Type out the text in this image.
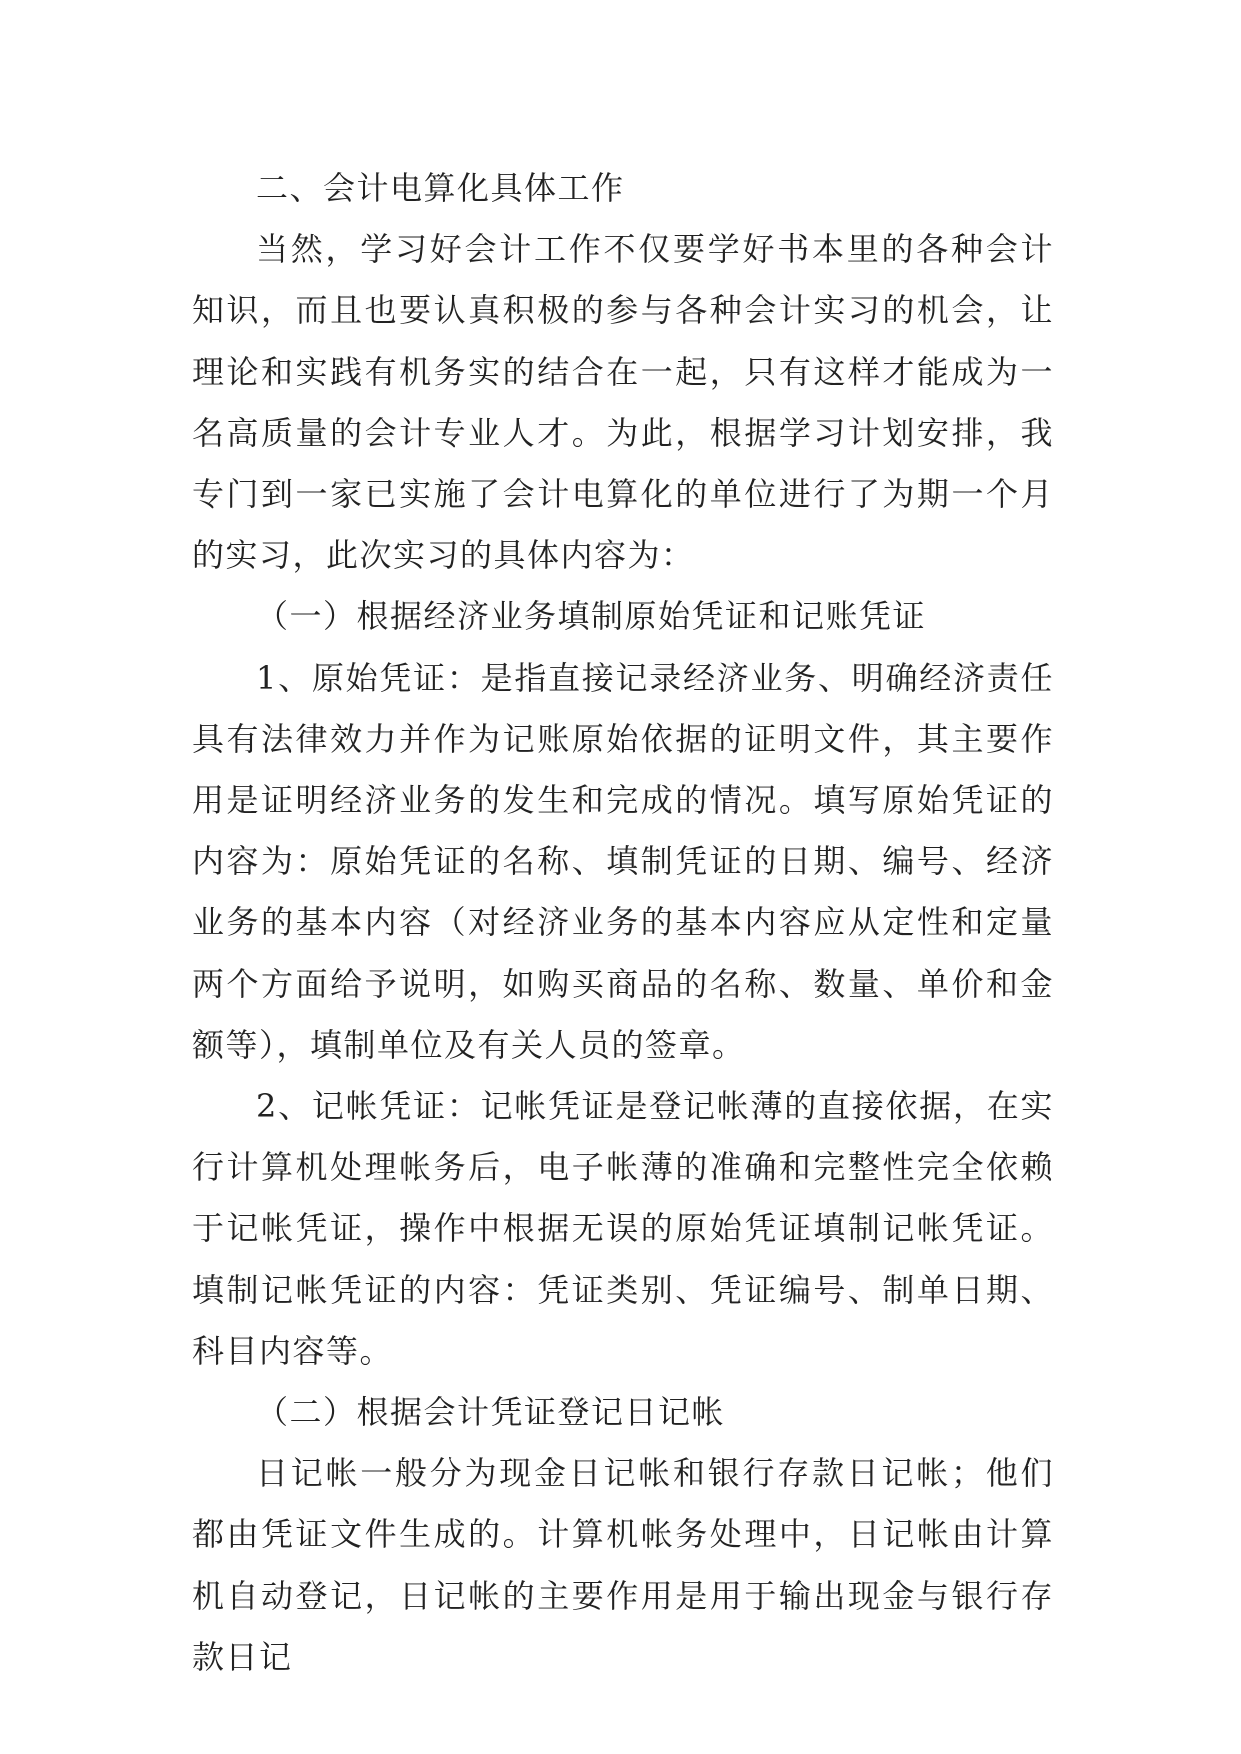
二、会计电算化具体工作

当然，学习好会计工作不仅要学好书本里的各种会计知识，而且也要认真积极的参与各种会计实习的机会，让理论和实践有机务实的结合在一起，只有这样才能成为一名高质量的会计专业人才。为此，根据学习计划安排，我专门到一家已实施了会计电算化的单位进行了为期一个月的实习，此次实习的具体内容为：

（一）根据经济业务填制原始凭证和记账凭证

1、原始凭证：是指直接记录经济业务、明确经济责任具有法律效力并作为记账原始依据的证明文件，其主要作用是证明经济业务的发生和完成的情况。填写原始凭证的内容为：原始凭证的名称、填制凭证的日期、编号、经济业务的基本内容（对经济业务的基本内容应从定性和定量两个方面给予说明，如购买商品的名称、数量、单价和金额等），填制单位及有关人员的签章。

2、记帐凭证：记帐凭证是登记帐薄的直接依据，在实行计算机处理帐务后，电子帐薄的准确和完整性完全依赖于记帐凭证，操作中根据无误的原始凭证填制记帐凭证。填制记帐凭证的内容：凭证类别、凭证编号、制单日期、科目内容等。

（二）根据会计凭证登记日记帐

日记帐一般分为现金日记帐和银行存款日记帐；他们都由凭证文件生成的。计算机帐务处理中，日记帐由计算机自动登记，日记帐的主要作用是用于输出现金与银行存款日记
